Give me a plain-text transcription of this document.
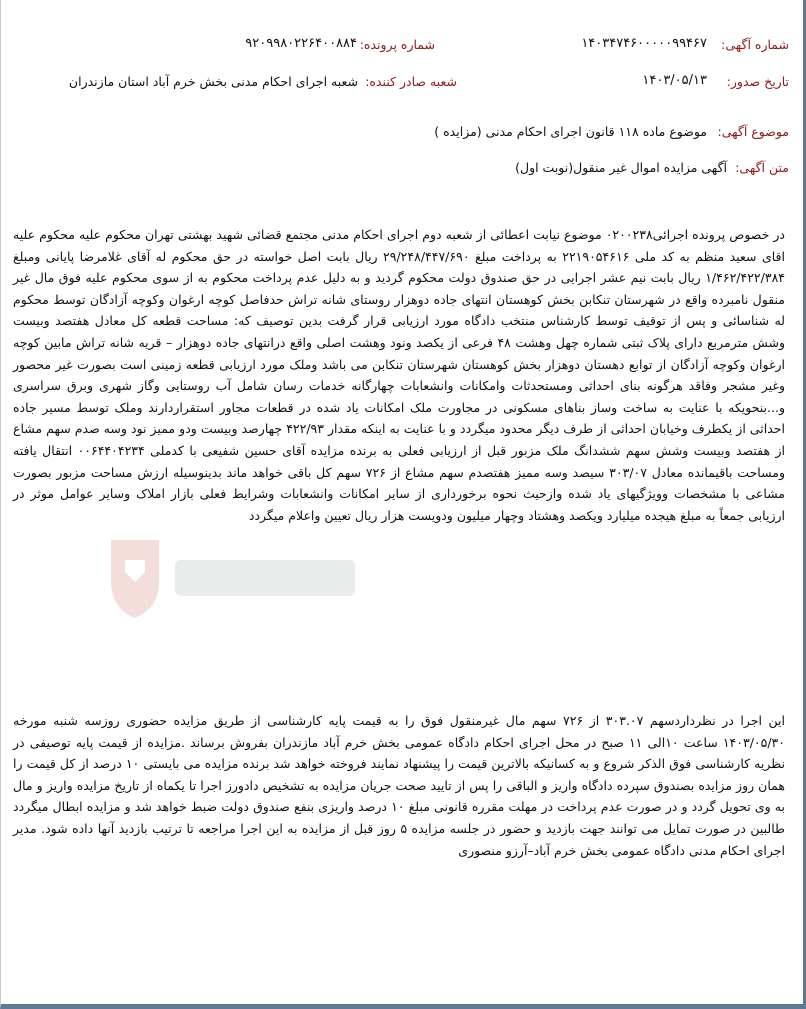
شماره آگهی:
۱۴۰۳۴۷۴۶۰۰۰۰۰۹۹۴۶۷
شماره پرونده:
۹۲۰۹۹۸۰۲۲۶۴۰۰۸۸۴
تاریخ صدور:
۱۴۰۳/۰۵/۱۳
شعبه صادر کننده:
شعبه اجرای احکام مدنی بخش خرم آباد استان مازندران
موضوع آگهی:
موضوع ماده ۱۱۸ قانون اجرای احکام مدنی (مزایده )
متن آگهی:
آگهی مزایده اموال غیر منقول(نوبت اول)

در خصوص پرونده اجرائی۰۲۰۰۲۳۸ موضوع نیابت اعطائی از شعبه دوم اجرای احکام مدنی مجتمع قضائی شهید بهشتی تهران محکوم علیه محکوم علیه اقای سعید منظم به کد ملی ۲۲۱۹۰۵۴۶۱۶ به پرداخت مبلغ ۲۹/۲۴۸/۴۴۷/۶۹۰ ریال بابت اصل خواسته در حق محکوم له آقای غلامرضا پایانی ومبلغ ۱/۴۶۲/۴۲۲/۳۸۴ ریال بابت نیم عشر اجرایی در حق صندوق دولت محکوم گردید و به دلیل عدم پرداخت محکوم به از سوی محکوم علیه فوق مال غیر منقول نامبرده واقع در شهرستان تنکابن بخش کوهستان انتهای جاده دوهزار روستای شانه تراش حدفاصل کوچه ارغوان وکوچه آزادگان توسط محکوم له شناسائی و پس از توقیف توسط کارشناس منتخب دادگاه مورد ارزیابی قرار گرفت بدین توصیف که: مساحت قطعه کل معادل هفتصد وبیست وشش مترمربع دارای پلاک ثبتی شماره چهل وهشت ۴۸ فرعی از یکصد ونود وهشت اصلی واقع درانتهای جاده دوهزار – قریه شانه تراش مابین کوچه ارغوان وکوچه آزادگان از توابع دهستان دوهزار بخش کوهستان شهرستان تنکابن می باشد وملک مورد ارزیابی قطعه زمینی است بصورت غیر محصور وغیر مشجر وفاقد هرگونه بنای احداثی ومستحدثات وامکانات وانشعابات چهارگانه خدمات رسان شامل آب روستایی وگاز شهری وبرق سراسری و...بنحویکه با عنایت به ساخت وساز بناهای مسکونی در مجاورت ملک امکانات یاد شده در قطعات مجاور استقراردارند وملک توسط مسیر جاده احداثی از یکطرف وخیابان احداثی از طرف دیگر محدود میگردد و با عنایت به اینکه مقدار ۴۲۲/۹۳ چهارصد وبیست ودو ممیز نود وسه صدم سهم مشاع از هفتصد وبیست وشش سهم ششدانگ ملک مزبور قبل از ارزیابی فعلی به برنده مزایده آقای حسین شفیعی با کدملی ۰۰۶۴۴۰۴۲۳۴ انتقال یافته ومساحت باقیمانده معادل ۳۰۳/۰۷ سیصد وسه ممیز هفتصدم سهم مشاع از ۷۲۶ سهم کل باقی خواهد ماند بدینوسیله ارزش مساحت مزبور بصورت مشاعی با مشخصات وویژگیهای یاد شده وازحیث نحوه برخورداری از سایر امکانات وانشعابات وشرایط فعلی بازار املاک وسایر عوامل موثر در ارزیابی جمعاً به مبلغ هیجده میلیارد ویکصد وهشتاد وچهار میلیون ودویست هزار ریال تعیین واعلام میگردد

این اجرا در نظرداردسهم ۳۰۳.۰۷ از ۷۲۶ سهم مال غیرمنقول فوق را به قیمت پایه کارشناسی از طریق مزایده حضوری روزسه شنبه مورخه ۱۴۰۳/۰۵/۳۰ ساعت ۱۰الی ۱۱ صبح در محل اجرای احکام دادگاه عمومی بخش خرم آباد مازندران بفروش برساند .مزایده از قیمت پایه توصیفی در نظریه کارشناسی فوق الذکر شروع و به کسانیکه بالاترین قیمت را پیشنهاد نمایند فروخته خواهد شد برنده مزایده می بایستی ۱۰ درصد از کل قیمت را همان روز مزایده بصندوق سپرده دادگاه واریز و الباقی را پس از تایید صحت جریان مزایده به تشخیص دادورز اجرا تا یکماه از تاریخ مزایده واریز و مال به وی تحویل گردد و در صورت عدم پرداخت در مهلت مقرره قانونی مبلغ ۱۰ درصد واریزی بنفع صندوق دولت ضبط خواهد شد و مزایده ابطال میگردد طالبین در صورت تمایل می توانند جهت بازدید و حضور در جلسه مزایده ۵ روز قبل از مزایده به این اجرا مراجعه تا ترتیب بازدید آنها داده شود. مدیر اجرای احکام مدنی دادگاه عمومی بخش خرم آباد–آرزو منصوری
